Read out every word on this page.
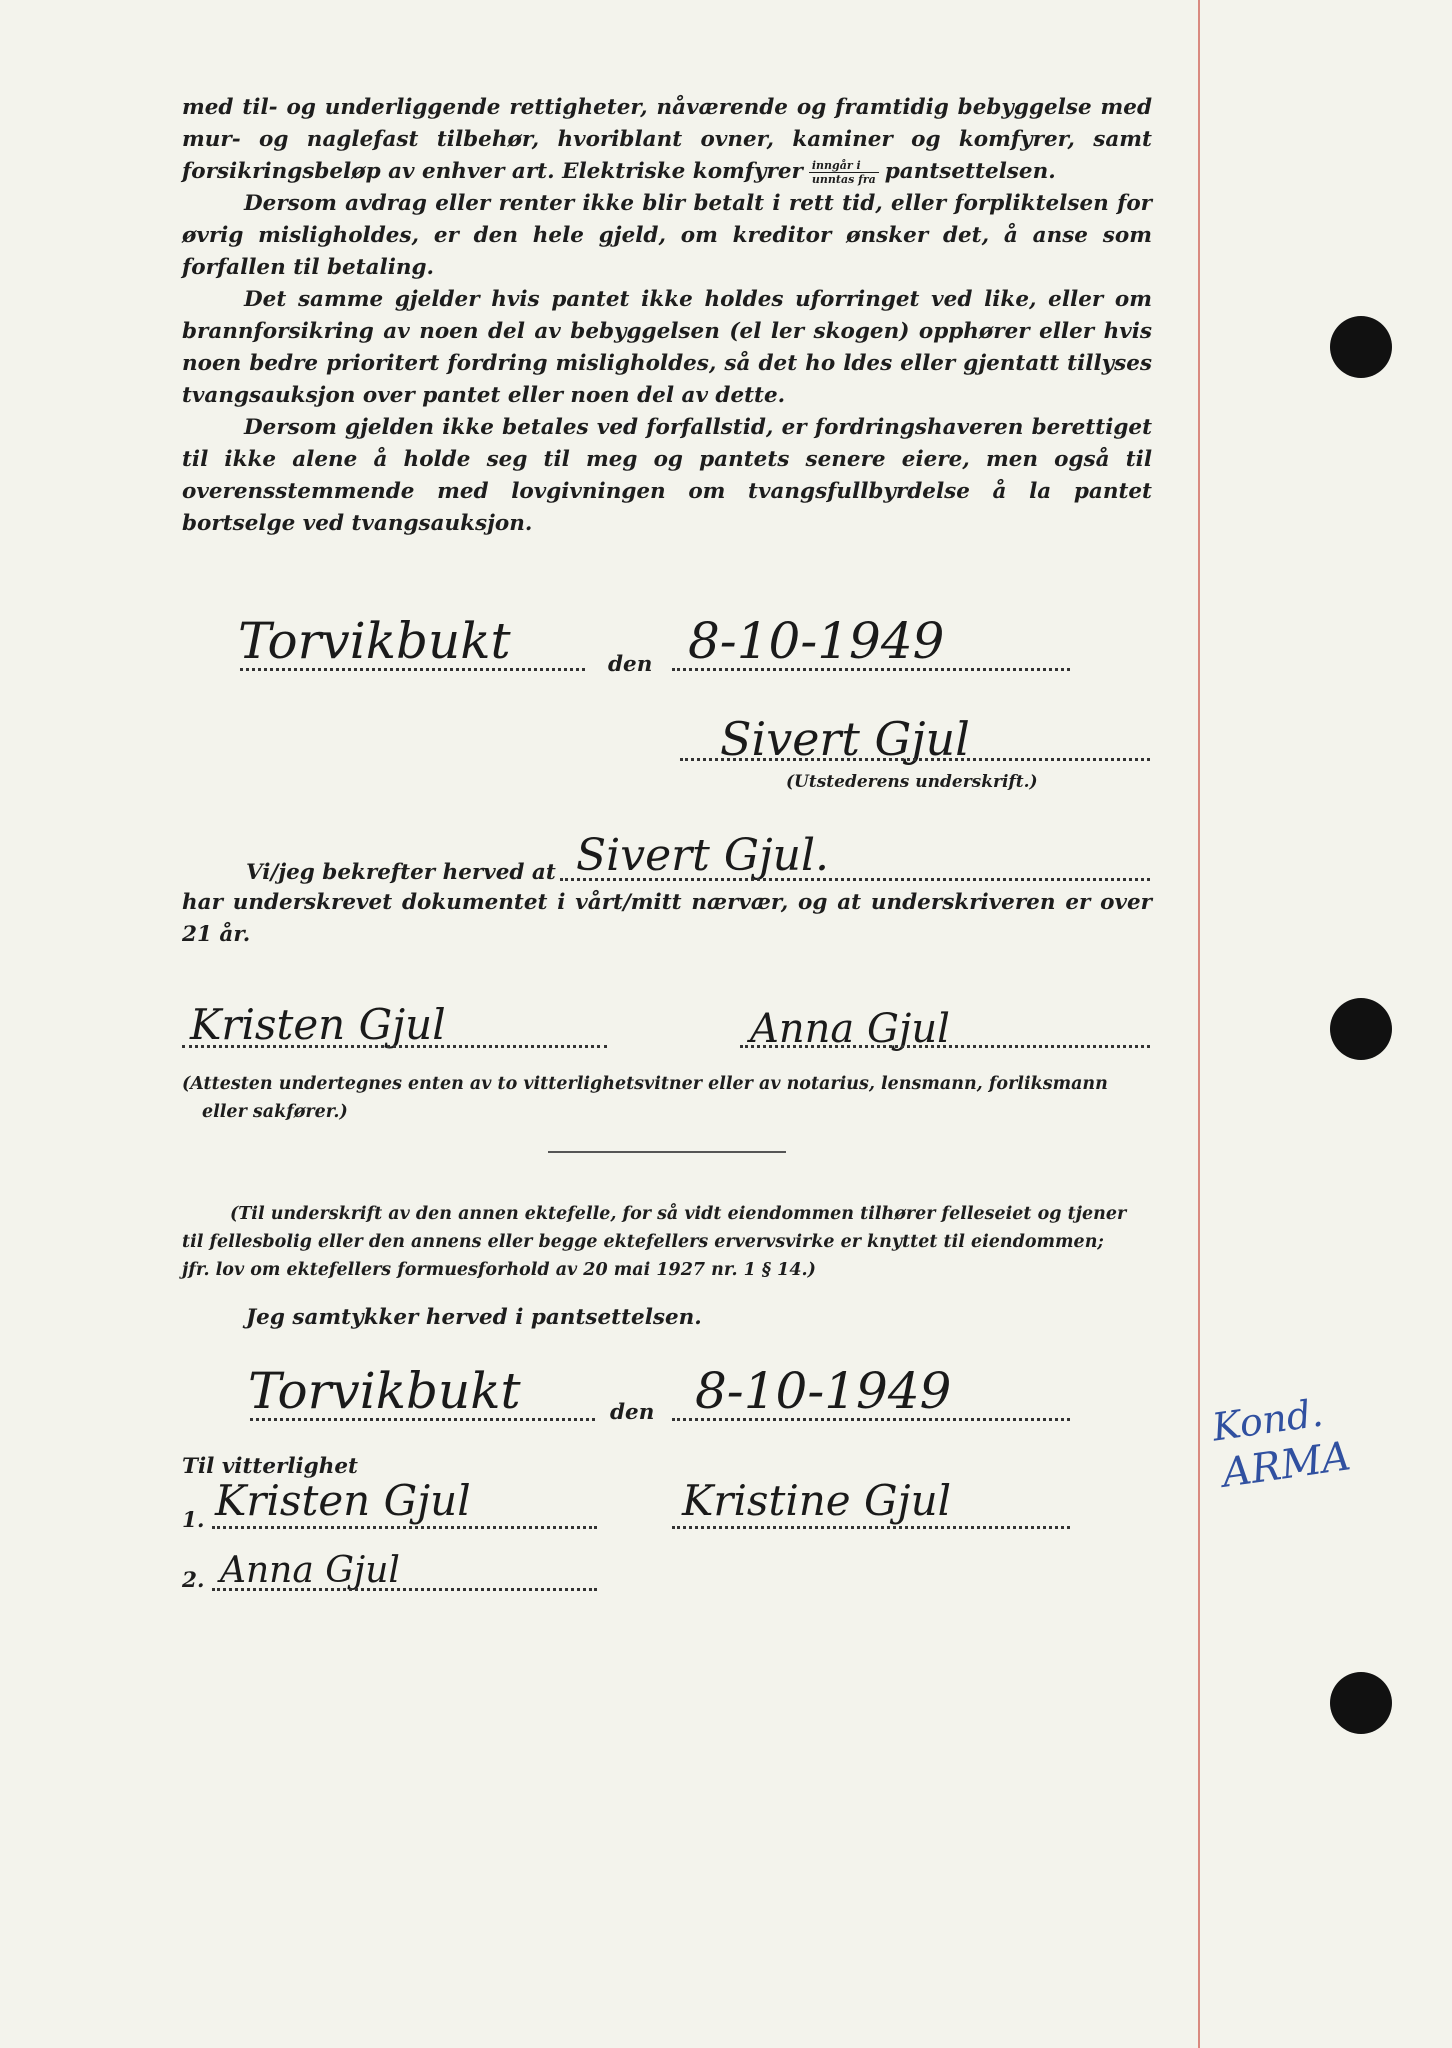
med til- og underliggende rettigheter, nåværende og framtidig bebyggelse med mur- og naglefast tilbehør, hvoriblant ovner, kaminer og komfyrer, samt forsikringsbeløp av enhver art. Elektriske komfyrer $\frac{\text{inngår i}}{\text{unntas fra}}$ pantsettelsen.

Dersom avdrag eller renter ikke blir betalt i rett tid, eller forpliktelsen for øvrig misligholdes, er den hele gjeld, om kreditor ønsker det, å anse som forfallen til betaling.

Det samme gjelder hvis pantet ikke holdes uforringet ved like, eller om brannforsikring av noen del av bebyggelsen (el ler skogen) opphører eller hvis noen bedre prioritert fordring misligholdes, så det ho ldes eller gjentatt tillyses tvangsauksjon over pantet eller noen del av dette.

Dersom gjelden ikke betales ved forfallstid, er fordringshaveren berettiget til ikke alene å holde seg til meg og pantets senere eiere, men også til overensstemmende med lovgivningen om tvangsfullbyrdelse å la pantet bortselge ved tvangsauksjon.

Torvikbukt	den 8-10-1949
Sivert Gjul
(Utstederens underskrift.)
Vi/jeg bekrefter herved at Sivert Gjul.
har underskrevet dokumentet i vårt/mitt nærvær, og at underskriveren er over
21 år.
Kristen Gjul	Anna Gjul
(Attesten undertegnes enten av to vitterlighetsvitner eller av notarius, lensmann, forliksmann
eller sakfører.)
(Til underskrift av den annen ektefelle, for så vidt eiendommen tilhører felleseiet og tjener
til fellesbolig eller den annens eller begge ektefellers ervervsvirke er knyttet til eiendommen;
jfr. lov om ektefellers formuesforhold av 20 mai 1927 nr. 1 § 14.)
Jeg samtykker herved i pantsettelsen.
Torvikbukt	den 8-10-1949
Til vitterlighet
1. Kristen Gjul	Kristine Gjul
2. Anna Gjul
Kond.
ARMA
